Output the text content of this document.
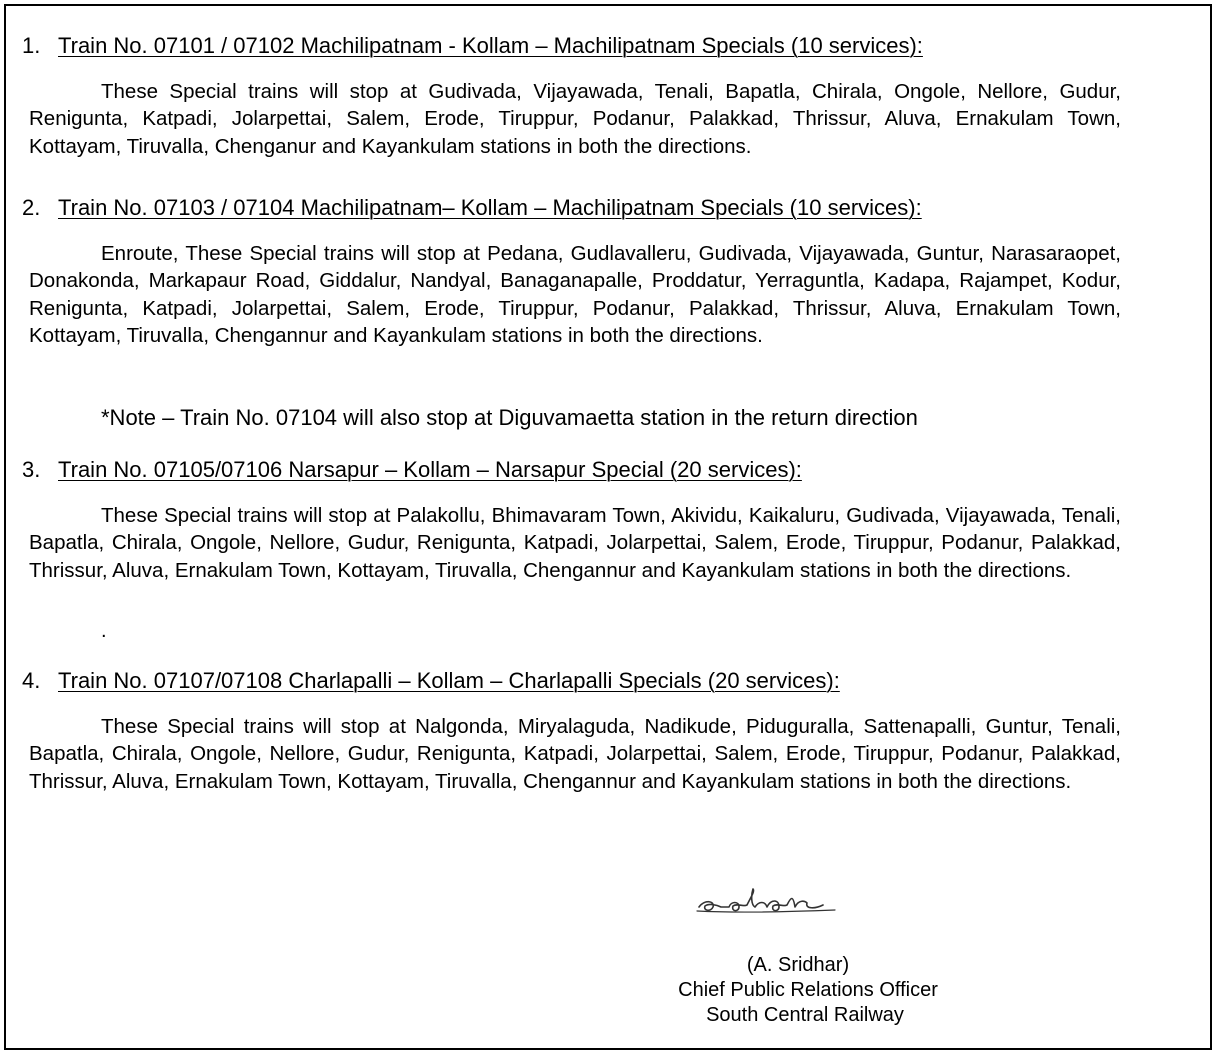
1. Train No. 07101 / 07102 Machilipatnam - Kollam – Machilipatnam Specials (10 services):

These Special trains will stop at Gudivada, Vijayawada, Tenali, Bapatla, Chirala, Ongole, Nellore, Gudur, Renigunta, Katpadi, Jolarpettai, Salem, Erode, Tiruppur, Podanur, Palakkad, Thrissur, Aluva, Ernakulam Town, Kottayam, Tiruvalla, Chenganur and Kayankulam stations in both the directions.

2. Train No. 07103 / 07104 Machilipatnam– Kollam – Machilipatnam Specials (10 services):

Enroute, These Special trains will stop at Pedana, Gudlavalleru, Gudivada, Vijayawada, Guntur, Narasaraopet, Donakonda, Markapaur Road, Giddalur, Nandyal, Banaganapalle, Proddatur, Yerraguntla, Kadapa, Rajampet, Kodur, Renigunta, Katpadi, Jolarpettai, Salem, Erode, Tiruppur, Podanur, Palakkad, Thrissur, Aluva, Ernakulam Town, Kottayam, Tiruvalla, Chengannur and Kayankulam stations in both the directions.

*Note – Train No. 07104 will also stop at Diguvamaetta station in the return direction
3. Train No. 07105/07106 Narsapur – Kollam – Narsapur Special (20 services):

These Special trains will stop at Palakollu, Bhimavaram Town, Akividu, Kaikaluru, Gudivada, Vijayawada, Tenali, Bapatla, Chirala, Ongole, Nellore, Gudur, Renigunta, Katpadi, Jolarpettai, Salem, Erode, Tiruppur, Podanur, Palakkad, Thrissur, Aluva, Ernakulam Town, Kottayam, Tiruvalla, Chengannur and Kayankulam stations in both the directions.

.
4. Train No. 07107/07108 Charlapalli – Kollam – Charlapalli Specials (20 services):

These Special trains will stop at Nalgonda, Miryalaguda, Nadikude, Piduguralla, Sattenapalli, Guntur, Tenali, Bapatla, Chirala, Ongole, Nellore, Gudur, Renigunta, Katpadi, Jolarpettai, Salem, Erode, Tiruppur, Podanur, Palakkad, Thrissur, Aluva, Ernakulam Town, Kottayam, Tiruvalla, Chengannur and Kayankulam stations in both the directions.

(A. Sridhar)
Chief Public Relations Officer
South Central Railway
